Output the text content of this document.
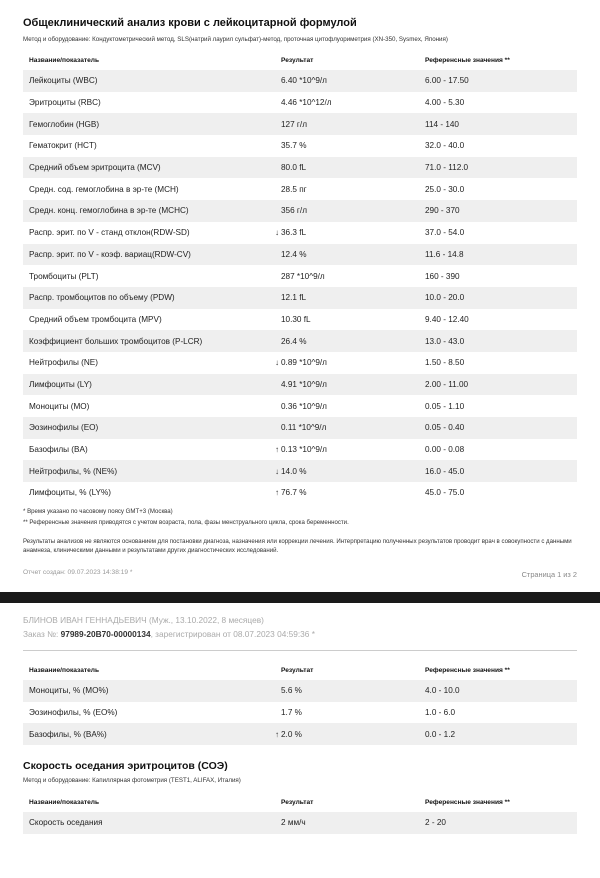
Общеклинический анализ крови с лейкоцитарной формулой
Метод и оборудование: Кондуктометрический метод, SLS(натрий лаурил сульфат)-метод, проточная цитофлуориметрия (XN-350, Sysmex, Япония)
Название/показатель	Результат	Референсные значения **
Лейкоциты (WBC)	6.40 *10^9/л	6.00 - 17.50
Эритроциты (RBC)	4.46 *10^12/л	4.00 - 5.30
Гемоглобин (HGB)	127 г/л	114 - 140
Гематокрит (HCT)	35.7 %	32.0 - 40.0
Средний объем эритроцита (MCV)	80.0 fL	71.0 - 112.0
Средн. сод. гемоглобина в эр-те (MCH)	28.5 пг	25.0 - 30.0
Средн. конц. гемоглобина в эр-те (MCHC)	356 г/л	290 - 370
Распр. эрит. по V - станд отклон(RDW-SD)	↓ 36.3 fL	37.0 - 54.0
Распр. эрит. по V - коэф. вариац(RDW-CV)	12.4 %	11.6 - 14.8
Тромбоциты (PLT)	287 *10^9/л	160 - 390
Распр. тромбоцитов по объему (PDW)	12.1 fL	10.0 - 20.0
Средний объем тромбоцита (MPV)	10.30 fL	9.40 - 12.40
Коэффициент больших тромбоцитов (P-LCR)	26.4 %	13.0 - 43.0
Нейтрофилы (NE)	↓ 0.89 *10^9/л	1.50 - 8.50
Лимфоциты (LY)	4.91 *10^9/л	2.00 - 11.00
Моноциты (MO)	0.36 *10^9/л	0.05 - 1.10
Эозинофилы (EO)	0.11 *10^9/л	0.05 - 0.40
Базофилы (BA)	↑ 0.13 *10^9/л	0.00 - 0.08
Нейтрофилы, % (NE%)	↓ 14.0 %	16.0 - 45.0
Лимфоциты, % (LY%)	↑ 76.7 %	45.0 - 75.0
* Время указано по часовому поясу GMT+3 (Москва)
** Референсные значения приводятся с учетом возраста, пола, фазы менструального цикла, срока беременности.
Результаты анализов не являются основанием для постановки диагноза, назначения или коррекции лечения. Интерпретацию полученных результатов проводит врач в совокупности с данными анамнеза, клиническими данными и результатами других диагностических исследований.
Отчет создан: 09.07.2023 14:38:19 *	Страница 1 из 2
БЛИНОВ ИВАН ГЕННАДЬЕВИЧ (Муж., 13.10.2022, 8 месяцев)
Заказ №: 97989-20B70-00000134, зарегистрирован от 08.07.2023 04:59:36 *
Название/показатель	Результат	Референсные значения **
Моноциты, % (MO%)	5.6 %	4.0 - 10.0
Эозинофилы, % (EO%)	1.7 %	1.0 - 6.0
Базофилы, % (BA%)	↑ 2.0 %	0.0 - 1.2
Скорость оседания эритроцитов (СОЭ)
Метод и оборудование: Капиллярная фотометрия (TEST1, ALIFAX, Италия)
Название/показатель	Результат	Референсные значения **
Скорость оседания	2 мм/ч	2 - 20
